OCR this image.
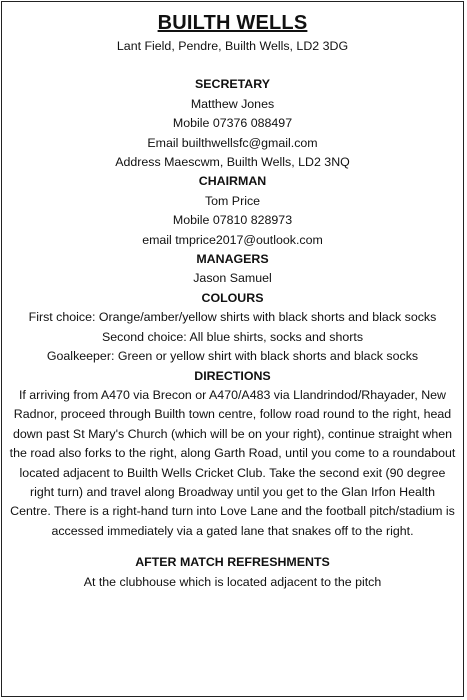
BUILTH WELLS
Lant Field, Pendre, Builth Wells, LD2 3DG
SECRETARY
Matthew Jones
Mobile 07376 088497
Email builthwellsfc@gmail.com
Address Maescwm, Builth Wells, LD2 3NQ
CHAIRMAN
Tom Price
Mobile 07810 828973
email tmprice2017@outlook.com
MANAGERS
Jason Samuel
COLOURS
First choice: Orange/amber/yellow shirts with black shorts and black socks
Second choice: All blue shirts, socks and shorts
Goalkeeper: Green or yellow shirt with black shorts and black socks
DIRECTIONS
If arriving from A470 via Brecon or A470/A483 via Llandrindod/Rhayader, New Radnor, proceed through Builth town centre, follow road round to the right, head down past St Mary's Church (which will be on your right), continue straight when the road also forks to the right, along Garth Road, until you come to a roundabout located adjacent to Builth Wells Cricket Club. Take the second exit (90 degree right turn) and travel along Broadway until you get to the Glan Irfon Health Centre. There is a right-hand turn into Love Lane and the football pitch/stadium is accessed immediately via a gated lane that snakes off to the right.
AFTER MATCH REFRESHMENTS
At the clubhouse which is located adjacent to the pitch
